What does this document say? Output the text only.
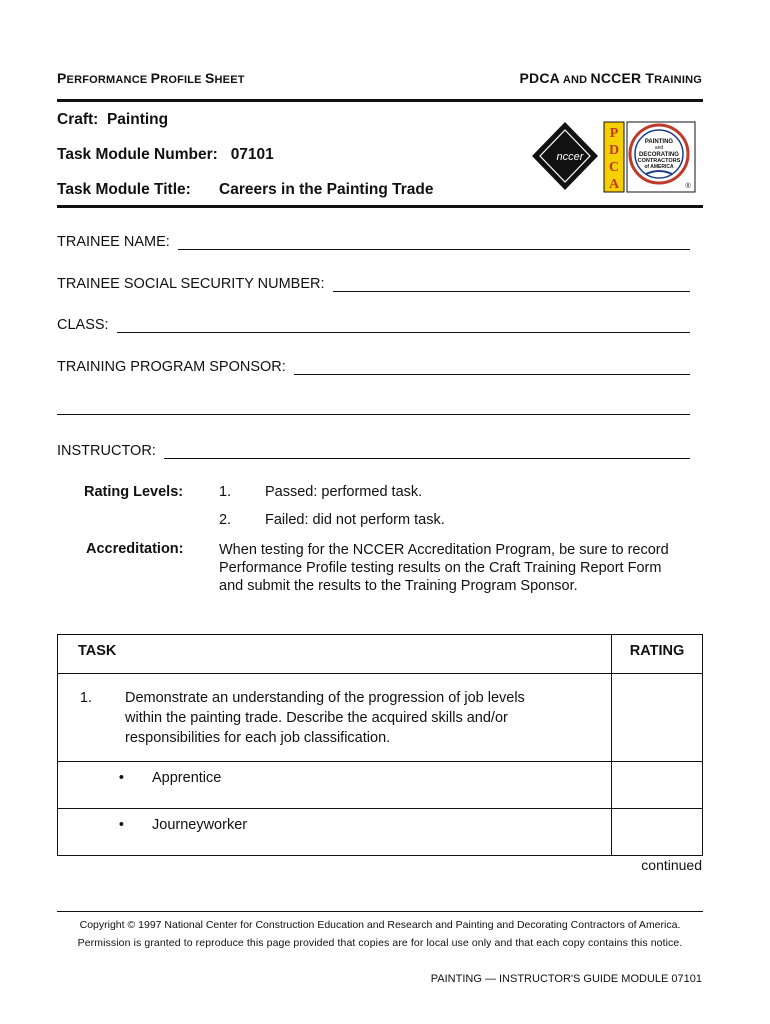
PERFORMANCE PROFILE SHEET	PDCA AND NCCER TRAINING
Craft: Painting
Task Module Number: 07101
Task Module Title: Careers in the Painting Trade
nccer
P
D
C
A
PAINTING
and
DECORATING
CONTRACTORS
of AMERICA
®
TRAINEE NAME:
TRAINEE SOCIAL SECURITY NUMBER:
CLASS:
TRAINING PROGRAM SPONSOR:
INSTRUCTOR:
Rating Levels: 1. Passed: performed task.
2. Failed: did not perform task.
Accreditation: When testing for the NCCER Accreditation Program, be sure to record
Performance Profile testing results on the Craft Training Report Form
and submit the results to the Training Program Sponsor.
TASK	RATING

1. Demonstrate an understanding of the progression of job levels
within the painting trade. Describe the acquired skills and/or
responsibilities for each job classification.	

• Apprentice	
• Journeyworker	
continued
Copyright © 1997 National Center for Construction Education and Research and Painting and Decorating Contractors of America.
Permission is granted to reproduce this page provided that copies are for local use only and that each copy contains this notice.
PAINTING — INSTRUCTOR'S GUIDE MODULE 07101
